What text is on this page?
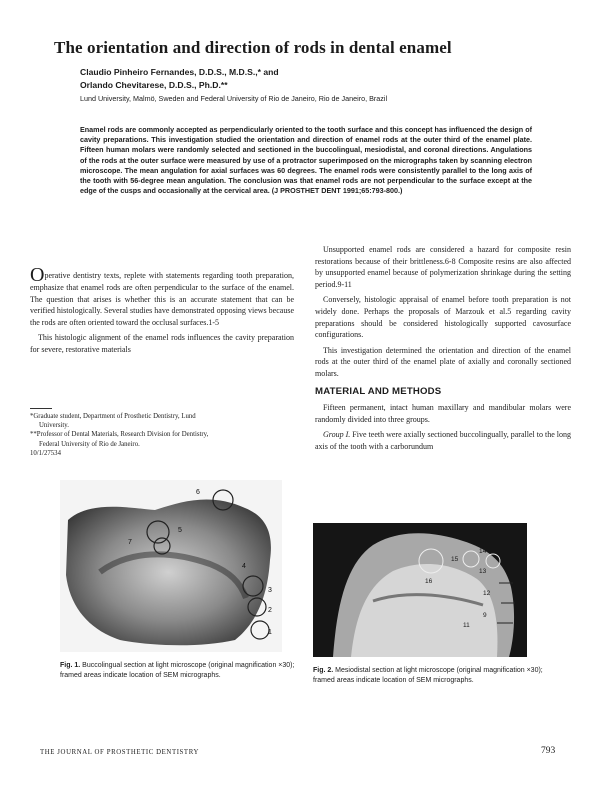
The orientation and direction of rods in dental enamel
Claudio Pinheiro Fernandes, D.D.S., M.D.S.,* and
Orlando Chevitarese, D.D.S., Ph.D.**
Lund University, Malmö, Sweden and Federal University of Rio de Janeiro, Rio de Janeiro, Brazil
Enamel rods are commonly accepted as perpendicularly oriented to the tooth surface and this concept has influenced the design of cavity preparations. This investigation studied the orientation and direction of enamel rods at the outer third of the enamel plate. Fifteen human molars were randomly selected and sectioned in the buccolingual, mesiodistal, and coronal directions. Angulations of the rods at the outer surface were measured by use of a protractor superimposed on the micrographs taken by scanning electron microscope. The mean angulation for axial surfaces was 60 degrees. The enamel rods were consistently parallel to the long axis of the tooth with 56-degree mean angulation. The conclusion was that enamel rods are not perpendicular to the surface except at the edge of the cusps and occasionally at the cervical area. (J PROSTHET DENT 1991;65:793-800.)

Operative dentistry texts, replete with statements regarding tooth preparation, emphasize that enamel rods are often perpendicular to the surface of the enamel. The question that arises is whether this is an accurate statement that can be verified histologically. Several studies have demonstrated opposing views because the rods are often oriented toward the occlusal surfaces.1-5

This histologic alignment of the enamel rods influences the cavity preparation for severe, restorative materials

*Graduate student, Department of Prosthetic Dentistry, Lund
University.
**Professor of Dental Materials, Research Division for Dentistry,
Federal University of Rio de Janeiro.
10/1/27534

Unsupported enamel rods are considered a hazard for composite resin restorations because of their brittleness.6-8 Composite resins are also affected by unsupported enamel because of polymerization shrinkage during the setting period.9-11

Conversely, histologic appraisal of enamel before tooth preparation is not widely done. Perhaps the proposals of Marzouk et al.5 regarding cavity preparations should be considered histologically supported cavosurface configurations.

This investigation determined the orientation and direction of the enamel rods at the outer third of the enamel plate of axially and coronally sectioned molars.

MATERIAL AND METHODS

Fifteen permanent, intact human maxillary and mandibular molars were randomly divided into three groups.

Group I. Five teeth were axially sectioned buccolingually, parallel to the long axis of the tooth with a carborundum

6
7
5
4
3
2
1
15
14
13
12
16
9
11
Fig. 1. Buccolingual section at light microscope (original magnification ×30); framed areas indicate location of SEM micrographs.
Fig. 2. Mesiodistal section at light microscope (original magnification ×30); framed areas indicate location of SEM micrographs.
THE JOURNAL OF PROSTHETIC DENTISTRY	793
